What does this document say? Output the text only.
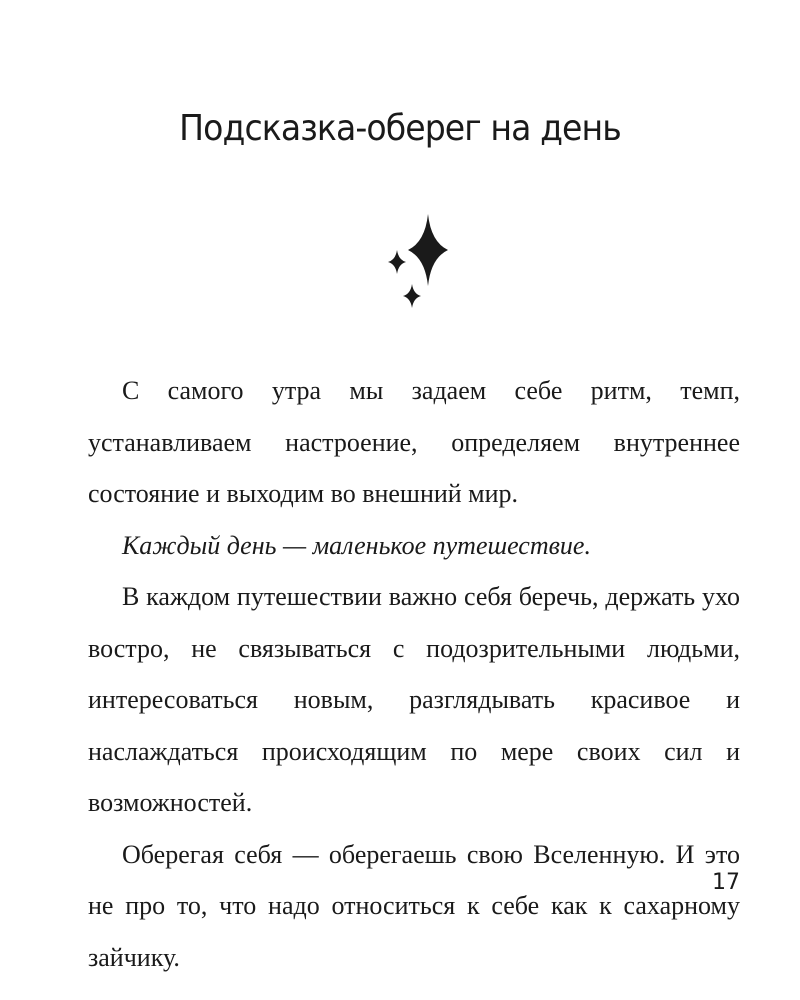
Подсказка-оберег на день

С самого утра мы задаем себе ритм, темп, устанавливаем настроение, определяем внутреннее состояние и выходим во внешний мир.

Каждый день — маленькое путешествие.

В каждом путешествии важно себя беречь, держать ухо востро, не связываться с подозрительными людьми, интересоваться новым, разглядывать красивое и наслаждаться происходящим по мере своих сил и возможностей.

Оберегая себя — оберегаешь свою Вселенную. И это не про то, что надо относиться к себе как к сахарному зайчику.

17
